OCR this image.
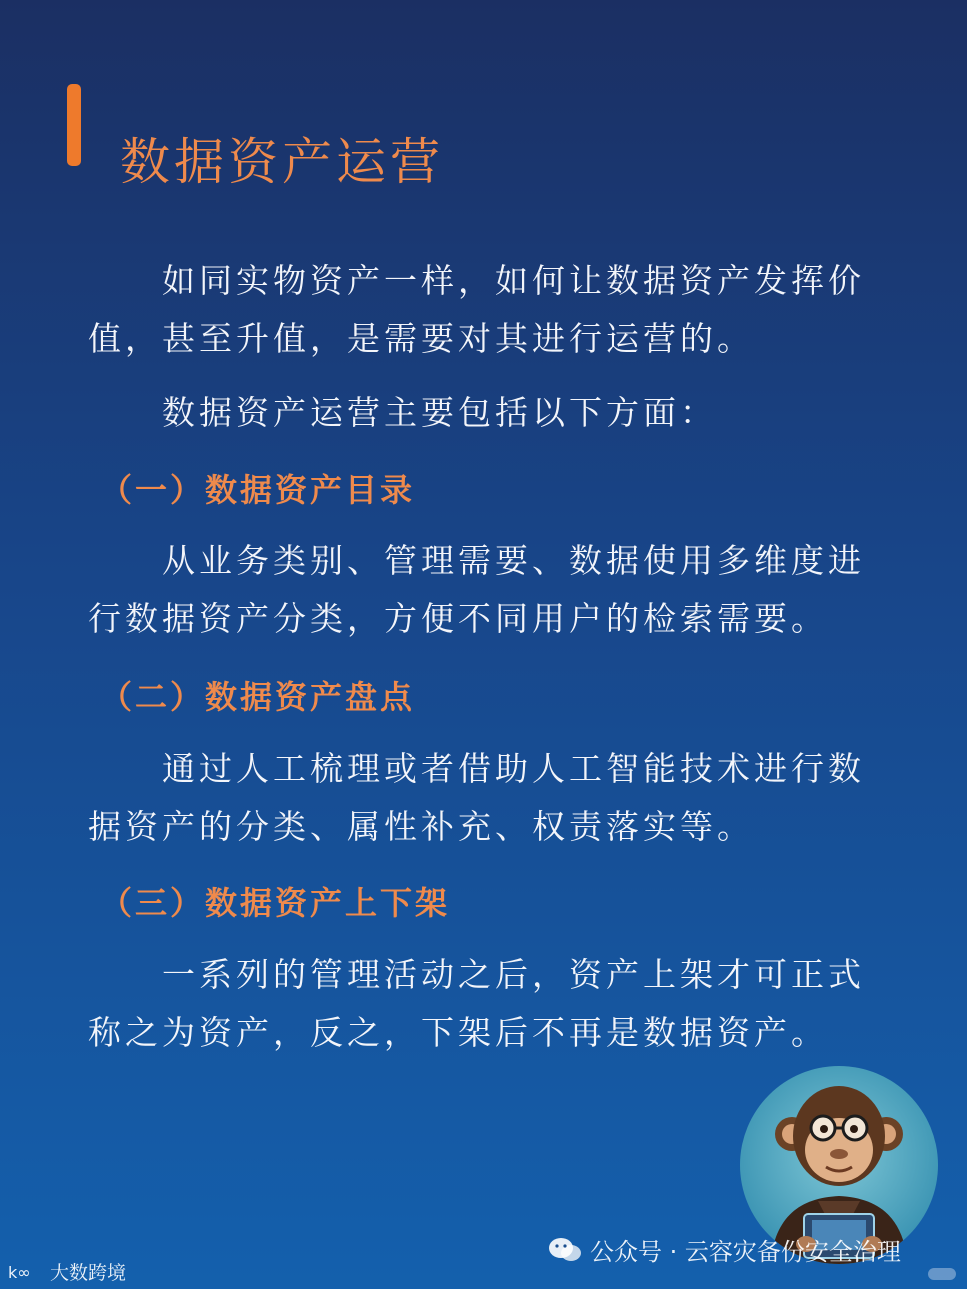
数据资产运营

如同实物资产一样，如何让数据资产发挥价值，甚至升值，是需要对其进行运营的。

数据资产运营主要包括以下方面：

（一）数据资产目录

从业务类别、管理需要、数据使用多维度进行数据资产分类，方便不同用户的检索需要。

（二）数据资产盘点

通过人工梳理或者借助人工智能技术进行数据资产的分类、属性补充、权责落实等。

（三）数据资产上下架

一系列的管理活动之后，资产上架才可正式称之为资产，反之，下架后不再是数据资产。

公众号 · 云容灾备份安全治理
k∞ 大数跨境
